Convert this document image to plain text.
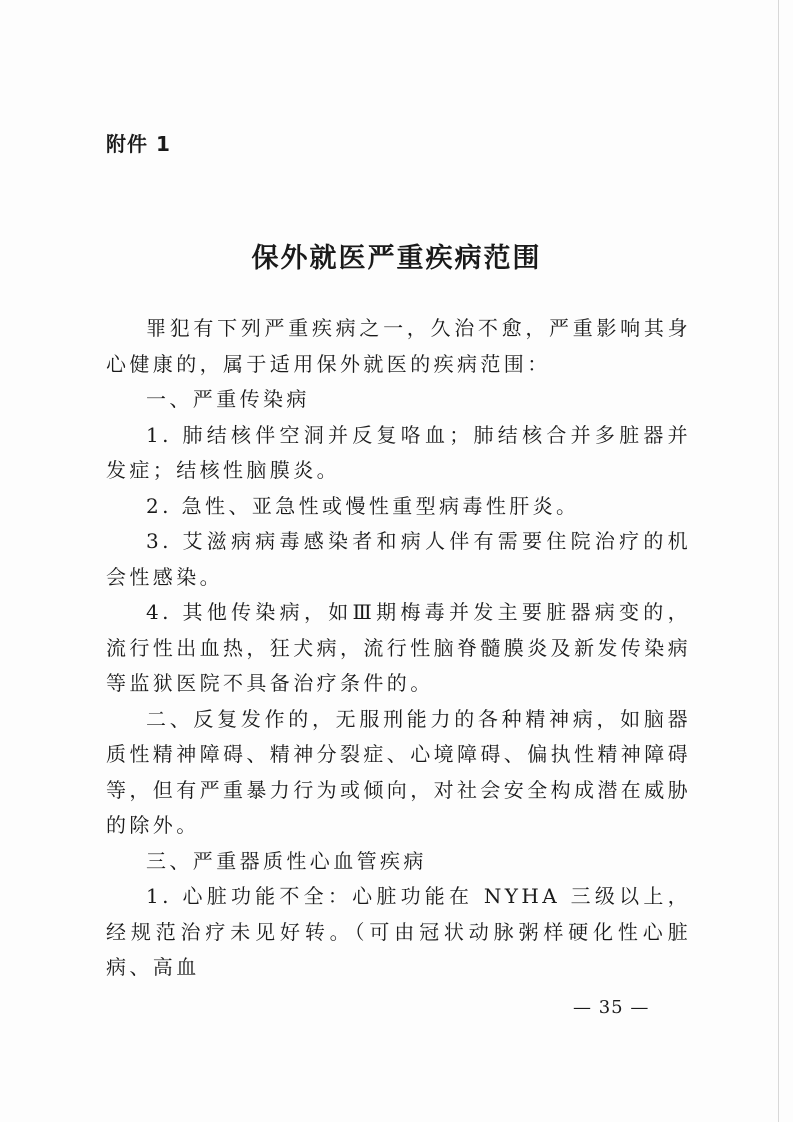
附件 1
保外就医严重疾病范围

罪犯有下列严重疾病之一，久治不愈，严重影响其身心健康的，属于适用保外就医的疾病范围：

一、严重传染病

1. 肺结核伴空洞并反复咯血；肺结核合并多脏器并发症；结核性脑膜炎。

2. 急性、亚急性或慢性重型病毒性肝炎。

3. 艾滋病病毒感染者和病人伴有需要住院治疗的机会性感染。

4. 其他传染病，如Ⅲ期梅毒并发主要脏器病变的，流行性出血热，狂犬病，流行性脑脊髓膜炎及新发传染病等监狱医院不具备治疗条件的。

二、反复发作的，无服刑能力的各种精神病，如脑器质性精神障碍、精神分裂症、心境障碍、偏执性精神障碍等，但有严重暴力行为或倾向，对社会安全构成潜在威胁的除外。

三、严重器质性心血管疾病

1. 心脏功能不全：心脏功能在 NYHA 三级以上，经规范治疗未见好转。（可由冠状动脉粥样硬化性心脏病、高血

— 35 —
